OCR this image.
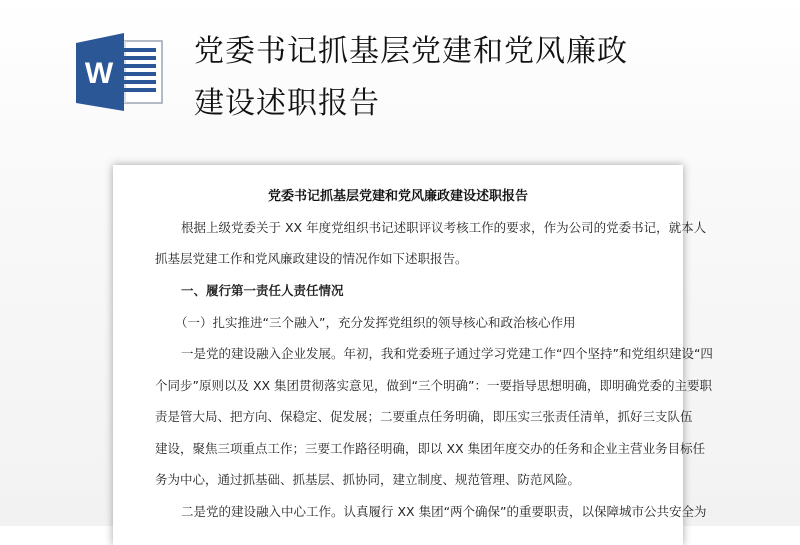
W
党委书记抓基层党建和党风廉政
建设述职报告
党委书记抓基层党建和党风廉政建设述职报告
根据上级党委关于 XX 年度党组织书记述职评议考核工作的要求，作为公司的党委书记，就本人
抓基层党建工作和党风廉政建设的情况作如下述职报告。
一、履行第一责任人责任情况
（一）扎实推进“三个融入”，充分发挥党组织的领导核心和政治核心作用
一是党的建设融入企业发展。年初，我和党委班子通过学习党建工作“四个坚持”和党组织建设“四
个同步”原则以及 XX 集团贯彻落实意见，做到“三个明确”：一要指导思想明确，即明确党委的主要职
责是管大局、把方向、保稳定、促发展；二要重点任务明确，即压实三张责任清单，抓好三支队伍
建设，聚焦三项重点工作；三要工作路径明确，即以 XX 集团年度交办的任务和企业主营业务目标任
务为中心，通过抓基础、抓基层、抓协同，建立制度、规范管理、防范风险。
二是党的建设融入中心工作。认真履行 XX 集团“两个确保”的重要职责，以保障城市公共安全为
